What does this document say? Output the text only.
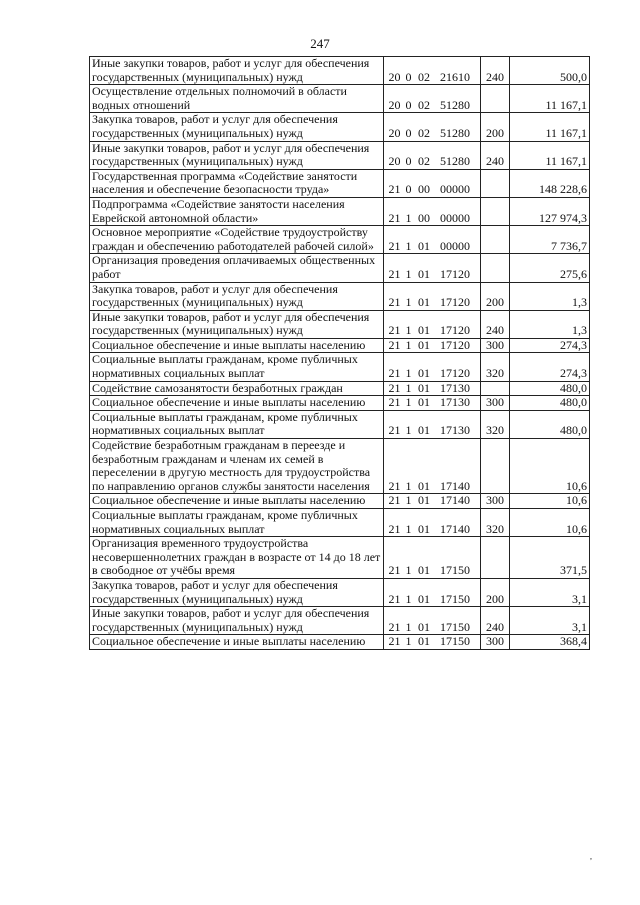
247
Иные закупки товаров, работ и услуг для обеспечения государственных (муниципальных) нужд	20 0 02 21610	240	500,0
Осуществление отдельных полномочий в области водных отношений	20 0 02 51280		11 167,1
Закупка товаров, работ и услуг для обеспечения государственных (муниципальных) нужд	20 0 02 51280	200	11 167,1
Иные закупки товаров, работ и услуг для обеспечения государственных (муниципальных) нужд	20 0 02 51280	240	11 167,1
Государственная программа «Содействие занятости населения и обеспечение безопасности труда»	21 0 00 00000		148 228,6
Подпрограмма «Содействие занятости населения Еврейской автономной области»	21 1 00 00000		127 974,3
Основное мероприятие «Содействие трудоустройству граждан и обеспечению работодателей рабочей силой»	21 1 01 00000		7 736,7
Организация проведения оплачиваемых общественных работ	21 1 01 17120		275,6
Закупка товаров, работ и услуг для обеспечения государственных (муниципальных) нужд	21 1 01 17120	200	1,3
Иные закупки товаров, работ и услуг для обеспечения государственных (муниципальных) нужд	21 1 01 17120	240	1,3
Социальное обеспечение и иные выплаты населению	21 1 01 17120	300	274,3
Социальные выплаты гражданам, кроме публичных нормативных социальных выплат	21 1 01 17120	320	274,3
Содействие самозанятости безработных граждан	21 1 01 17130		480,0
Социальное обеспечение и иные выплаты населению	21 1 01 17130	300	480,0
Социальные выплаты гражданам, кроме публичных нормативных социальных выплат	21 1 01 17130	320	480,0
Содействие безработным гражданам в переезде и безработным гражданам и членам их семей в переселении в другую местность для трудоустройства по направлению органов службы занятости населения	21 1 01 17140		10,6
Социальное обеспечение и иные выплаты населению	21 1 01 17140	300	10,6
Социальные выплаты гражданам, кроме публичных нормативных социальных выплат	21 1 01 17140	320	10,6
Организация временного трудоустройства несовершеннолетних граждан в возрасте от 14 до 18 лет в свободное от учёбы время	21 1 01 17150		371,5
Закупка товаров, работ и услуг для обеспечения государственных (муниципальных) нужд	21 1 01 17150	200	3,1
Иные закупки товаров, работ и услуг для обеспечения государственных (муниципальных) нужд	21 1 01 17150	240	3,1
Социальное обеспечение и иные выплаты населению	21 1 01 17150	300	368,4
,
